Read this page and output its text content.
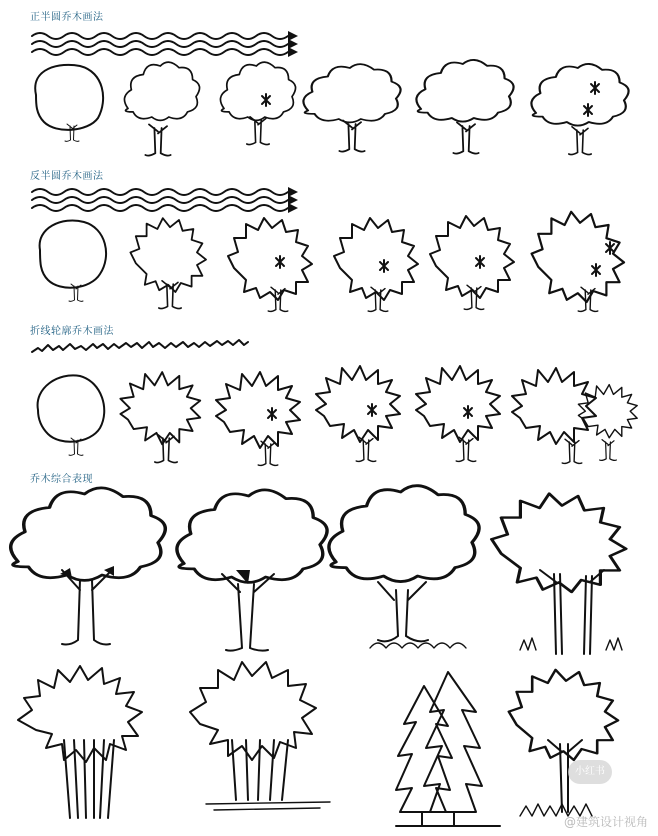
正半圆乔木画法
反半圆乔木画法
折线轮廓乔木画法
乔木综合表现
小红书
@建筑设计视角
